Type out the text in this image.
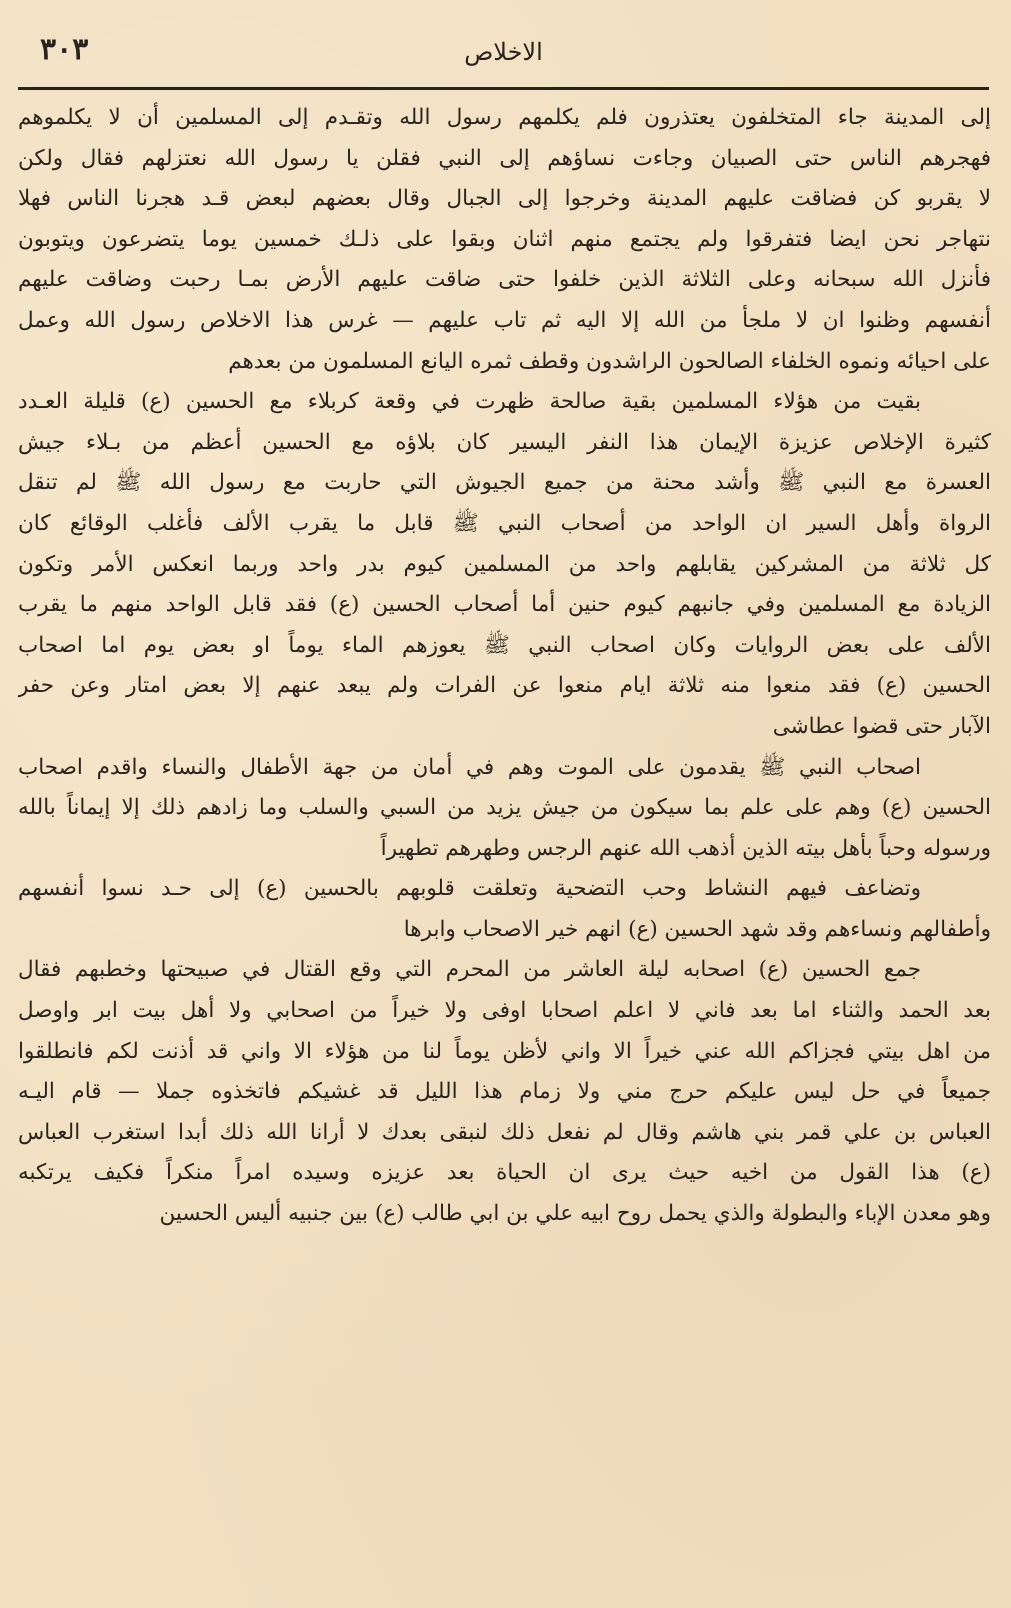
٣٠٣	الاخلاص
إلى المدينة جاء المتخلفون يعتذرون فلم يكلمهم رسول الله وتقـدم إلى المسلمين أن لا يكلموهم
فهجرهم الناس حتى الصبيان وجاءت نساؤهم إلى النبي فقلن يا رسول الله نعتزلهم فقال ولكن
لا يقربو كن فضاقت عليهم المدينة وخرجوا إلى الجبال وقال بعضهم لبعض قـد هجرنا الناس فهلا
نتهاجر نحن ايضا فتفرقوا ولم يجتمع منهم اثنان وبقوا على ذلـك خمسين يوما يتضرعون ويتوبون
فأنزل الله سبحانه وعلى الثلاثة الذين خلفوا حتى ضاقت عليهم الأرض بمـا رحبت وضاقت عليهم
أنفسهم وظنوا ان لا ملجأ من الله إلا اليه ثم تاب عليهم — غرس هذا الاخلاص رسول الله وعمل
على احيائه ونموه الخلفاء الصالحون الراشدون وقطف ثمره اليانع المسلمون من بعدهم
بقيت من هؤلاء المسلمين بقية صالحة ظهرت في وقعة كربلاء مع الحسين (ع) قليلة العـدد
كثيرة الإخلاص عزيزة الإيمان هذا النفر اليسير كان بلاؤه مع الحسين أعظم من بـلاء جيش
العسرة مع النبي ﷺ وأشد محنة من جميع الجيوش التي حاربت مع رسول الله ﷺ لم تنقل
الرواة وأهل السير ان الواحد من أصحاب النبي ﷺ قابل ما يقرب الألف فأغلب الوقائع كان
كل ثلاثة من المشركين يقابلهم واحد من المسلمين كيوم بدر واحد وربما انعكس الأمر وتكون
الزيادة مع المسلمين وفي جانبهم كيوم حنين أما أصحاب الحسين (ع) فقد قابل الواحد منهم ما يقرب
الألف على بعض الروايات وكان اصحاب النبي ﷺ يعوزهم الماء يوماً او بعض يوم اما اصحاب
الحسين (ع) فقد منعوا منه ثلاثة ايام منعوا عن الفرات ولم يبعد عنهم إلا بعض امتار وعن حفر
الآبار حتى قضوا عطاشى
اصحاب النبي ﷺ يقدمون على الموت وهم في أمان من جهة الأطفال والنساء واقدم اصحاب
الحسين (ع) وهم على علم بما سيكون من جيش يزيد من السبي والسلب وما زادهم ذلك إلا إيماناً بالله
ورسوله وحباً بأهل بيته الذين أذهب الله عنهم الرجس وطهرهم تطهيراً
وتضاعف فيهم النشاط وحب التضحية وتعلقت قلوبهم بالحسين (ع) إلى حـد نسوا أنفسهم
وأطفالهم ونساءهم وقد شهد الحسين (ع) انهم خير الاصحاب وابرها
جمع الحسين (ع) اصحابه ليلة العاشر من المحرم التي وقع القتال في صبيحتها وخطبهم فقال
بعد الحمد والثناء اما بعد فاني لا اعلم اصحابا اوفى ولا خيراً من اصحابي ولا أهل بيت ابر واوصل
من اهل بيتي فجزاكم الله عني خيراً الا واني لأظن يوماً لنا من هؤلاء الا واني قد أذنت لكم فانطلقوا
جميعاً في حل ليس عليكم حرج مني ولا زمام هذا الليل قد غشيكم فاتخذوه جملا — قام اليـه
العباس بن علي قمر بني هاشم وقال لم نفعل ذلك لنبقى بعدك لا أرانا الله ذلك أبدا استغرب العباس
(ع) هذا القول من اخيه حيث يرى ان الحياة بعد عزيزه وسيده امراً منكراً فكيف يرتكبه
وهو معدن الإباء والبطولة والذي يحمل روح ابيه علي بن ابي طالب (ع) بين جنبيه أليس الحسين
